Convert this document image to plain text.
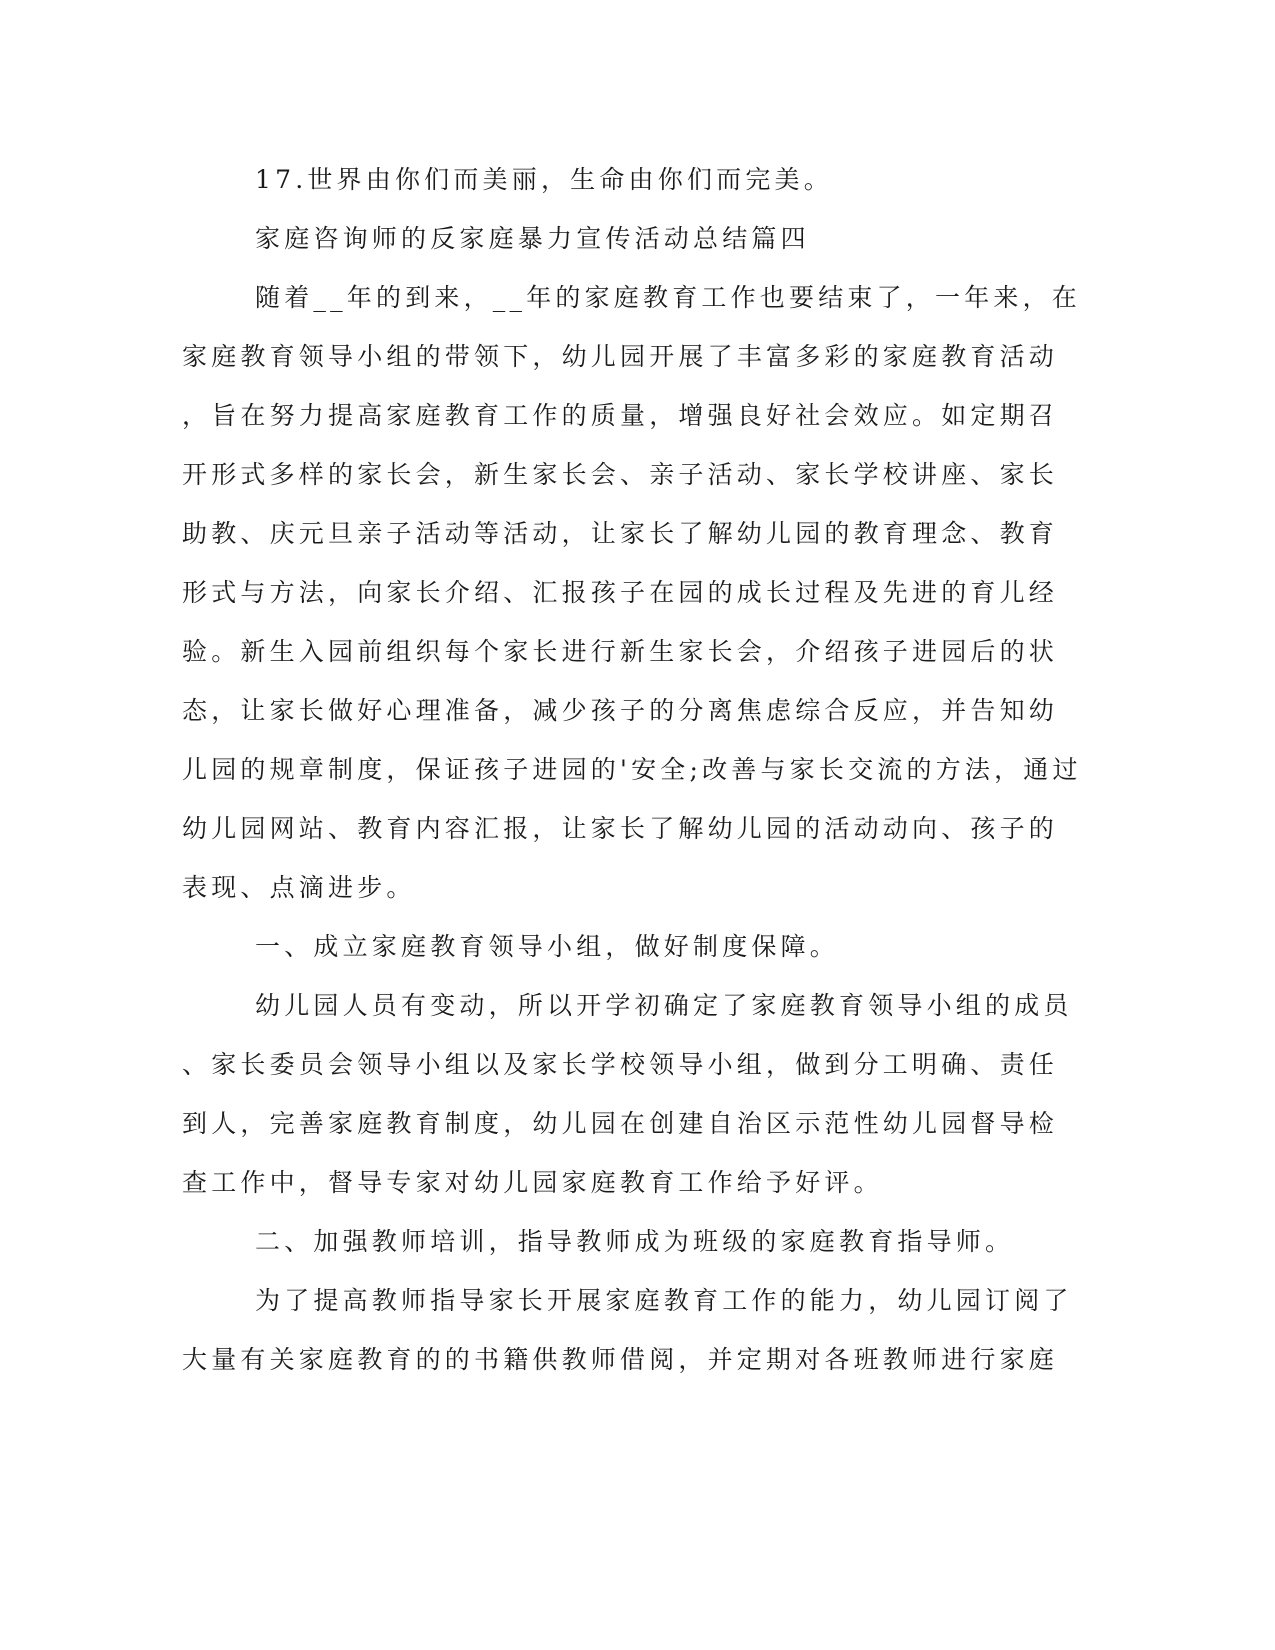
17.世界由你们而美丽，生命由你们而完美。
家庭咨询师的反家庭暴力宣传活动总结篇四
随着__年的到来，__年的家庭教育工作也要结束了，一年来，在
家庭教育领导小组的带领下，幼儿园开展了丰富多彩的家庭教育活动
，旨在努力提高家庭教育工作的质量，增强良好社会效应。如定期召
开形式多样的家长会，新生家长会、亲子活动、家长学校讲座、家长
助教、庆元旦亲子活动等活动，让家长了解幼儿园的教育理念、教育
形式与方法，向家长介绍、汇报孩子在园的成长过程及先进的育儿经
验。新生入园前组织每个家长进行新生家长会，介绍孩子进园后的状
态，让家长做好心理准备，减少孩子的分离焦虑综合反应，并告知幼
儿园的规章制度，保证孩子进园的'安全;改善与家长交流的方法，通过
幼儿园网站、教育内容汇报，让家长了解幼儿园的活动动向、孩子的
表现、点滴进步。
一、成立家庭教育领导小组，做好制度保障。
幼儿园人员有变动，所以开学初确定了家庭教育领导小组的成员
、家长委员会领导小组以及家长学校领导小组，做到分工明确、责任
到人，完善家庭教育制度，幼儿园在创建自治区示范性幼儿园督导检
查工作中，督导专家对幼儿园家庭教育工作给予好评。
二、加强教师培训，指导教师成为班级的家庭教育指导师。
为了提高教师指导家长开展家庭教育工作的能力，幼儿园订阅了
大量有关家庭教育的的书籍供教师借阅，并定期对各班教师进行家庭
